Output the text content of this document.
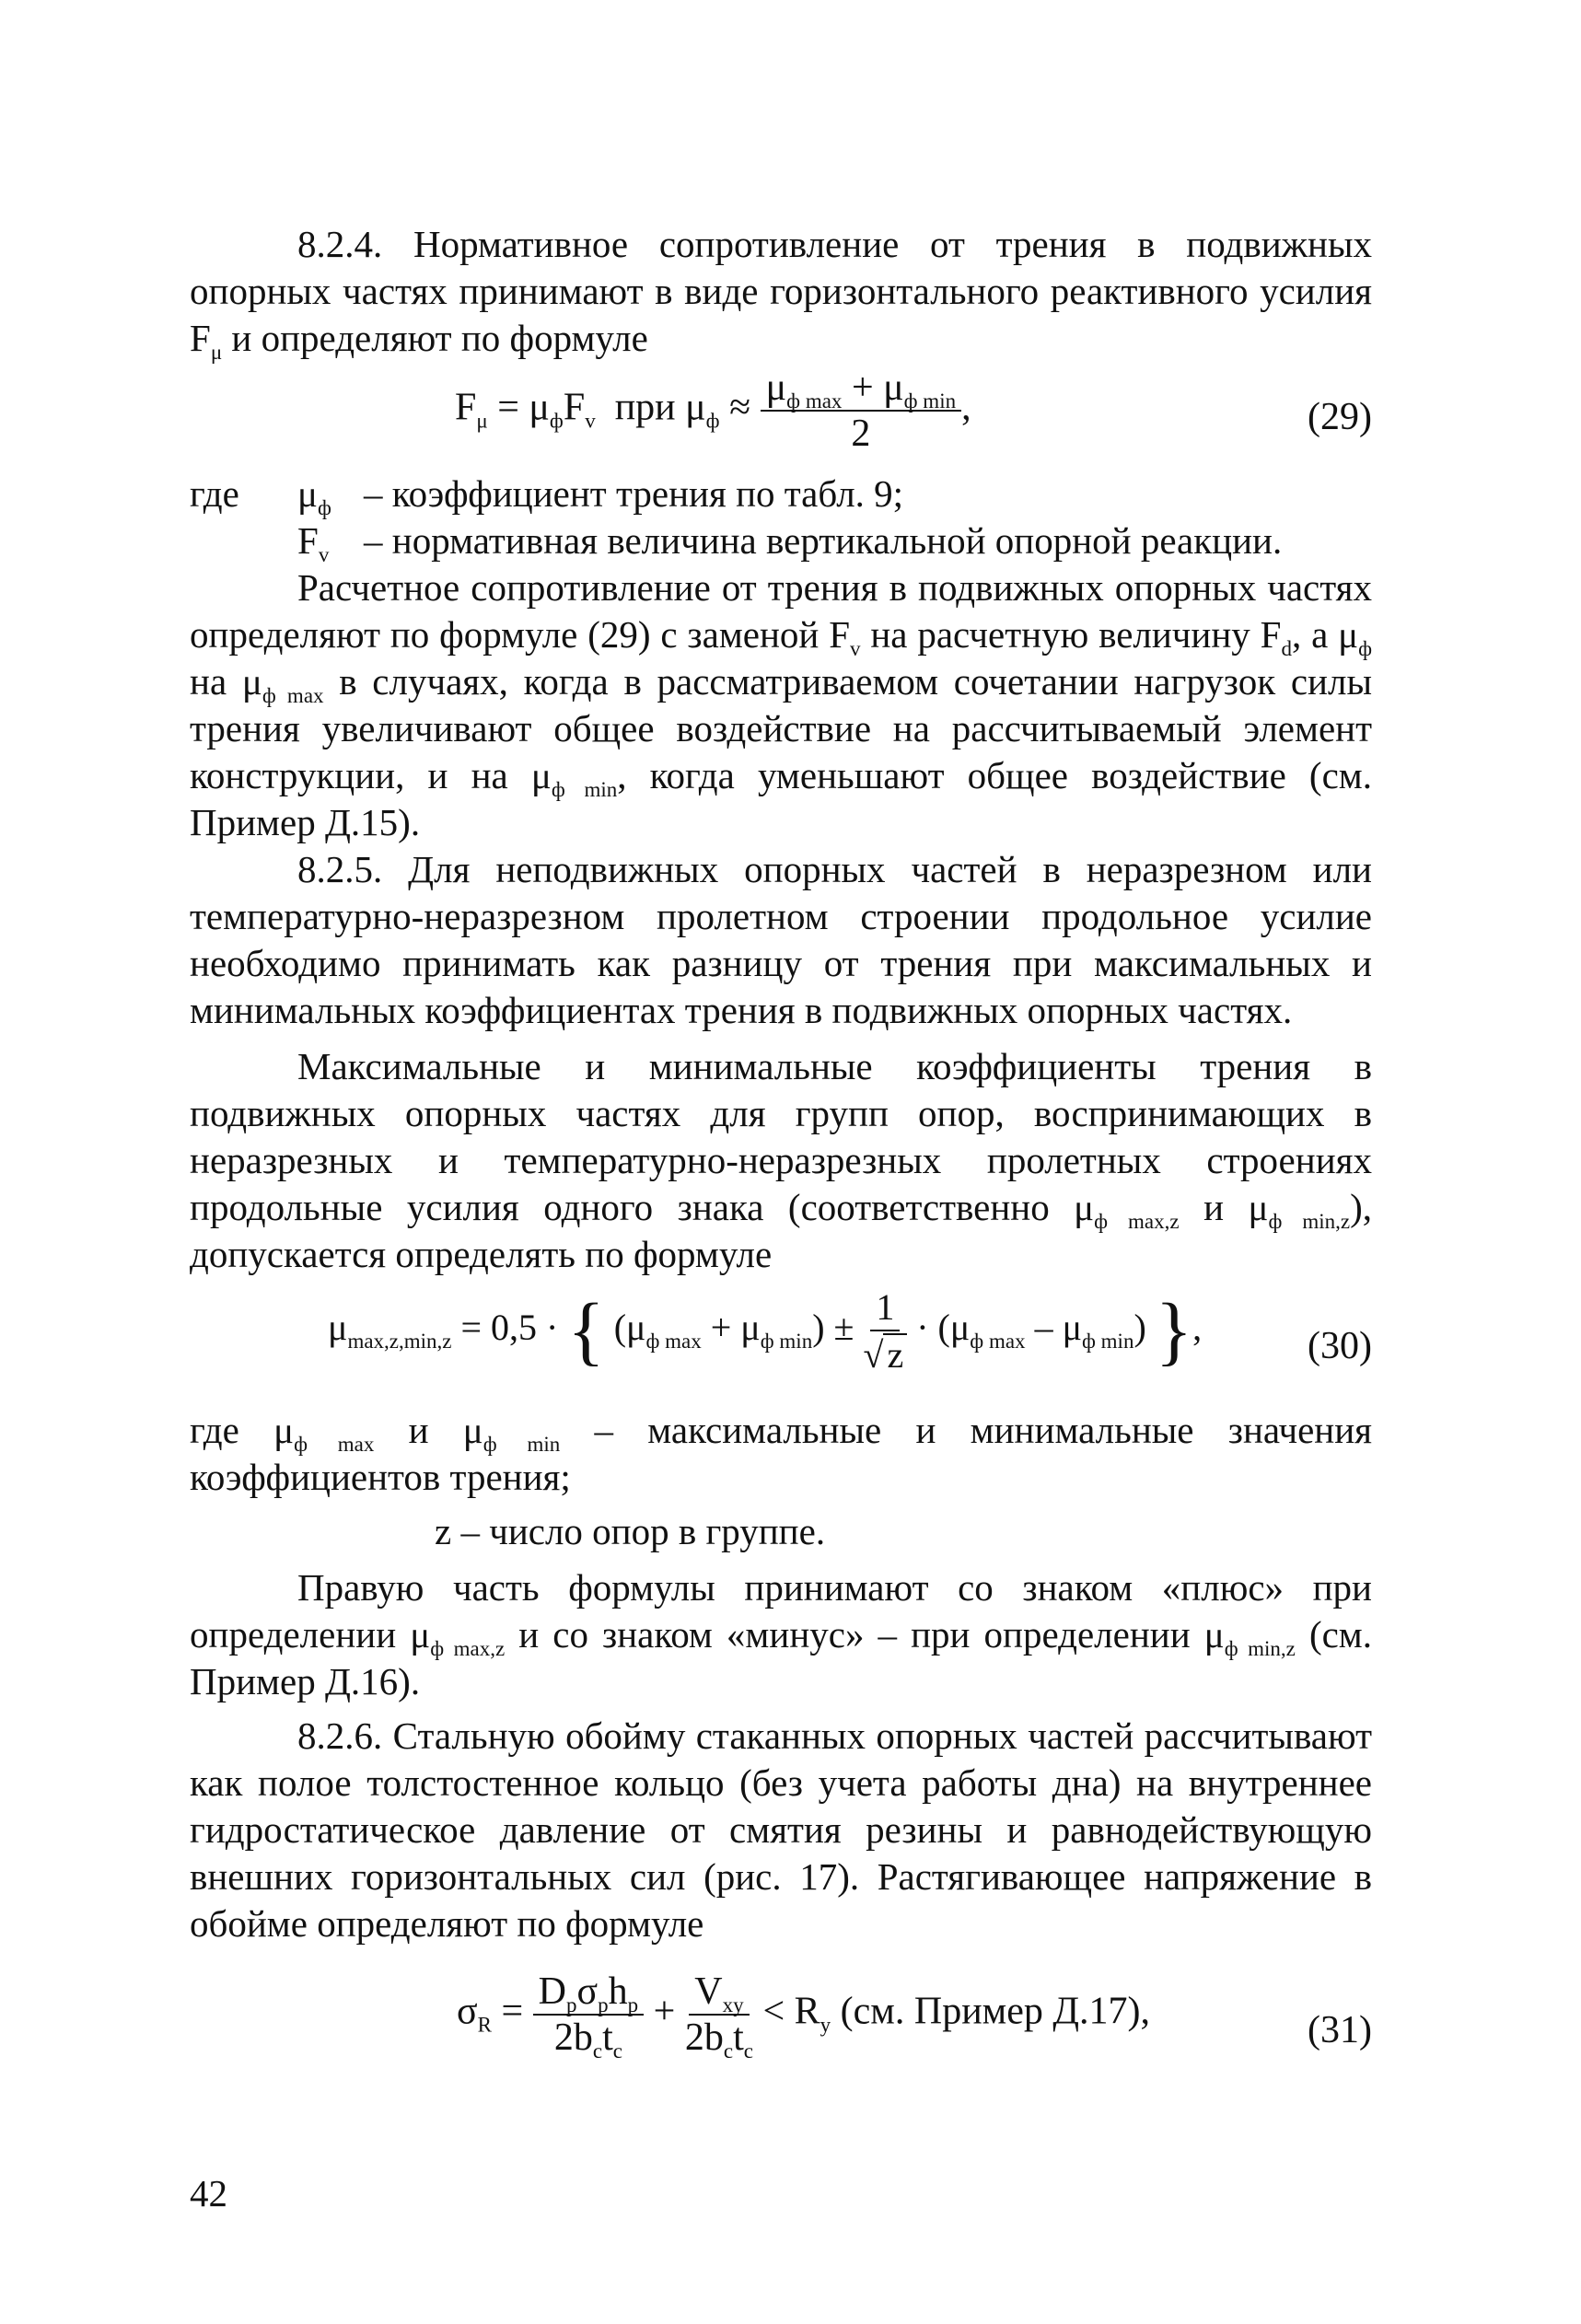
8.2.4. Нормативное сопротивление от трения в подвижных опорных частях принимают в виде горизонтального реактивного усилия $F_\mu$ и определяют по формуле

$F_\mu = \mu_фF_v$ при $\mu_ф \approx \frac{\mu_{ф max} + \mu_{ф min}}{2}$ ,	(29)
где	$\mu_ф$ – коэффициент трения по табл. 9;
$F_v$ – нормативная величина вертикальной опорной реакции.

Расчетное сопротивление от трения в подвижных опорных частях определяют по формуле (29) с заменой $F_v$ на расчетную величину $F_d$, а $\mu_ф$ на $\mu_{ф max}$ в случаях, когда в рассматриваемом сочетании нагрузок силы трения увеличивают общее воздействие на рассчитываемый элемент конструкции, и на $\mu_{ф min}$, когда уменьшают общее воздействие (см. Пример Д.15).

8.2.5. Для неподвижных опорных частей в неразрезном или температурно-неразрезном пролетном строении продольное усилие необходимо принимать как разницу от трения при максимальных и минимальных коэффициентах трения в подвижных опорных частях.

Максимальные и минимальные коэффициенты трения в подвижных опорных частях для групп опор, воспринимающих в неразрезных и температурно-неразрезных пролетных строениях продольные усилия одного знака (соответственно $\mu_{ф max,z}$ и $\mu_{ф min,z}$), допускается определять по формуле

$\mu_{max,z,min,z} = 0,5$ · { $(\mu_{ф max} + \mu_{ф min}) \pm \frac{1}{√ z} \cdot (\mu_{ф max} - \mu_{ф min})$ },	(30)

где $\mu_{ф max}$ и $\mu_{ф min}$ – максимальные и минимальные значения коэффициентов трения;

z – число опор в группе.

Правую часть формулы принимают со знаком «плюс» при определении $\mu_{ф max,z}$ и со знаком «минус» – при определении $\mu_{ф min,z}$ (см. Пример Д.16).

8.2.6. Стальную обойму стаканных опорных частей рассчитывают как полое толстостенное кольцо (без учета работы дна) на внутреннее гидростатическое давление от смятия резины и равнодействующую внешних горизонтальных сил (рис. 17). Растягивающее напряжение в обойме определяют по формуле

$\sigma_R = \frac{D_p\sigma_ph_p}{2b_ct_c} + \frac{V_{xy}}{2b_ct_c} < R_y$ (см. Пример Д.17),	(31)
42
